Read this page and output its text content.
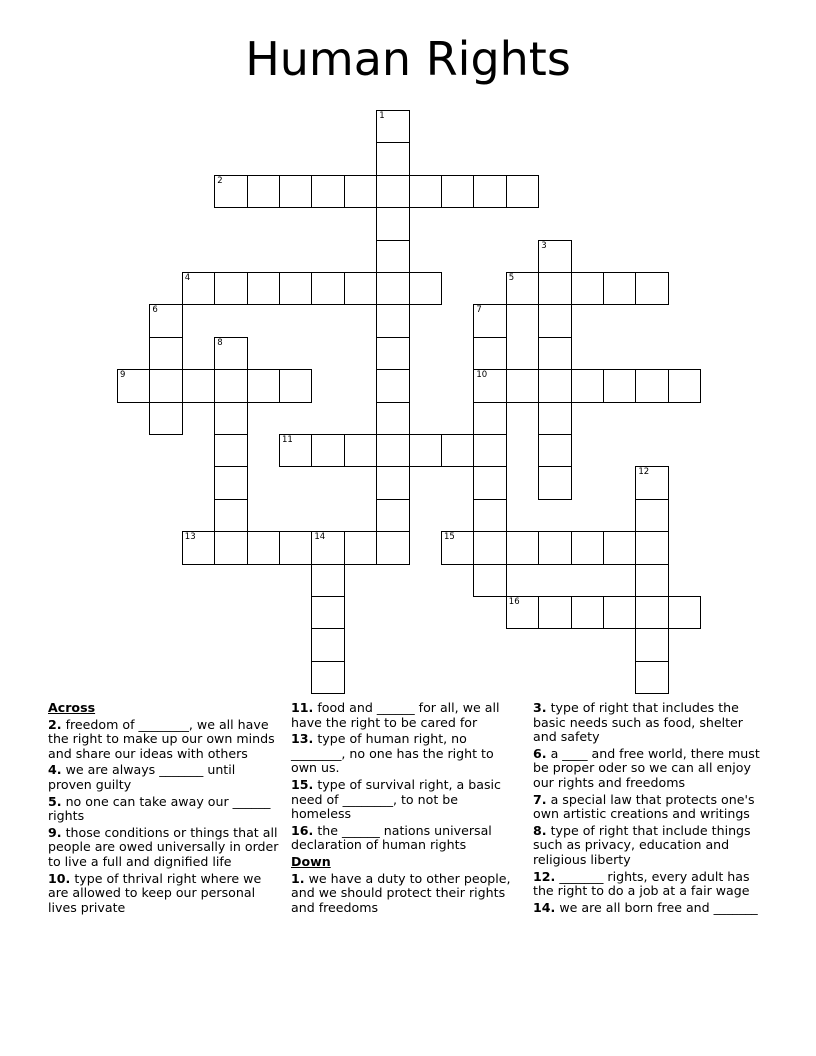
Human Rights
1
2
3
4	5
6	7
10
8
9
11
12
13	14	15
16
Across
2. freedom of ________, we all have the right to make up our own minds and share our ideas with others
4. we are always _______ until proven guilty
5. no one can take away our ______ rights
9. those conditions or things that all people are owed universally in order to live a full and dignified life
10. type of thrival right where we are allowed to keep our personal lives private
11. food and ______ for all, we all have the right to be cared for
13. type of human right, no ________, no one has the right to own us.
15. type of survival right, a basic need of ________, to not be homeless
16. the ______ nations universal declaration of human rights
Down
1. we have a duty to other people, and we should protect their rights and freedoms
3. type of right that includes the basic needs such as food, shelter and safety
6. a ____ and free world, there must be proper oder so we can all enjoy our rights and freedoms
7. a special law that protects one's own artistic creations and writings
8. type of right that include things such as privacy, education and religious liberty
12. _______ rights, every adult has the right to do a job at a fair wage
14. we are all born free and _______
